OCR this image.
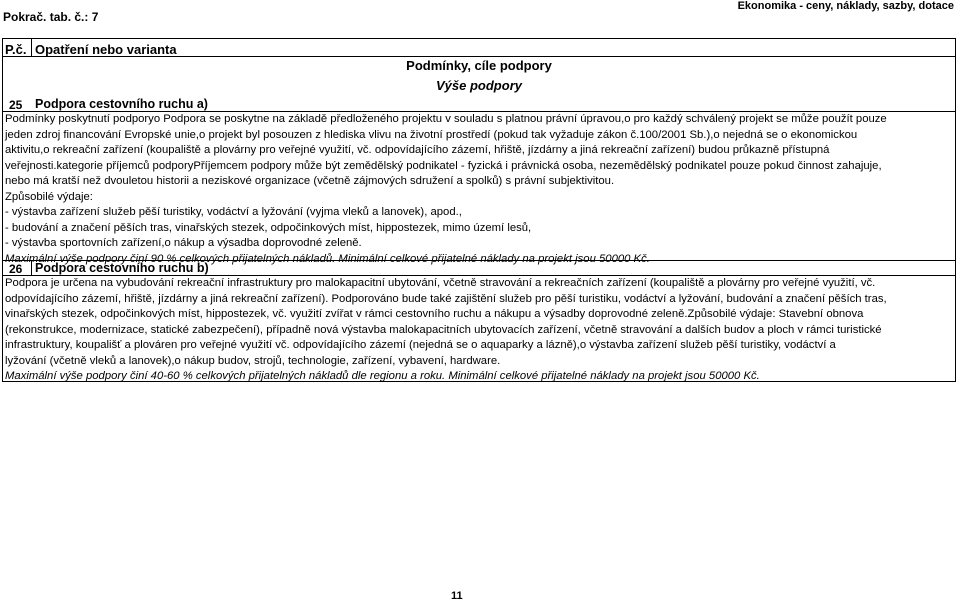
Pokrač. tab. č.: 7
Ekonomika - ceny, náklady, sazby, dotace
P.č. Opatření nebo varianta
Podmínky, cíle podpory
Výše podpory
25 Podpora cestovního ruchu a)
Podmínky poskytnutí podporyo Podpora se poskytne na základě předloženého projektu v souladu s platnou právní úpravou,o pro každý schválený projekt se může použít pouze
jeden zdroj financování Evropské unie,o projekt byl posouzen z hlediska vlivu na životní prostředí (pokud tak vyžaduje zákon č.100/2001 Sb.),o nejedná se o ekonomickou
aktivitu,o rekreační zařízení (koupaliště a plovárny pro veřejné využití, vč. odpovídajícího zázemí, hřiště, jízdárny a jiná rekreační zařízení) budou průkazně přístupná
veřejnosti.kategorie příjemců podporyPříjemcem podpory může být zemědělský podnikatel - fyzická i právnická osoba, nezemědělský podnikatel pouze pokud činnost zahajuje,
nebo má kratší než dvouletou historii a neziskové organizace (včetně zájmových sdružení a spolků) s právní subjektivitou.
Způsobilé výdaje:
- výstavba zařízení služeb pěší turistiky, vodáctví a lyžování (vyjma vleků a lanovek), apod.,
- budování a značení pěších tras, vinařských stezek, odpočinkových míst, hippostezek, mimo území lesů,
- výstavba sportovních zařízení,o nákup a výsadba doprovodné zeleně.
Maximální výše podpory činí 90 % celkových přijatelných nákladů. Minimální celkové přijatelné náklady na projekt jsou 50000 Kč.
26 Podpora cestovního ruchu b)
Podpora je určena na vybudování rekreační infrastruktury pro malokapacitní ubytování, včetně stravování a rekreačních zařízení (koupaliště a plovárny pro veřejné využití, vč.
odpovídajícího zázemí, hřiště, jízdárny a jiná rekreační zařízení). Podporováno bude také zajištění služeb pro pěší turistiku, vodáctví a lyžování, budování a značení pěších tras,
vinařských stezek, odpočinkových míst, hippostezek, vč. využití zvířat v rámci cestovního ruchu a nákupu a výsadby doprovodné zeleně.Způsobilé výdaje: Stavební obnova
(rekonstrukce, modernizace, statické zabezpečení), případně nová výstavba malokapacitních ubytovacích zařízení, včetně stravování a dalších budov a ploch v rámci turistické
infrastruktury, koupališť a plováren pro veřejné využití vč. odpovídajícího zázemí (nejedná se o aquaparky a lázně),o výstavba zařízení služeb pěší turistiky, vodáctví a
lyžování (včetně vleků a lanovek),o nákup budov, strojů, technologie, zařízení, vybavení, hardware.
Maximální výše podpory činí 40-60 % celkových přijatelných nákladů dle regionu a roku. Minimální celkové přijatelné náklady na projekt jsou 50000 Kč.
11
